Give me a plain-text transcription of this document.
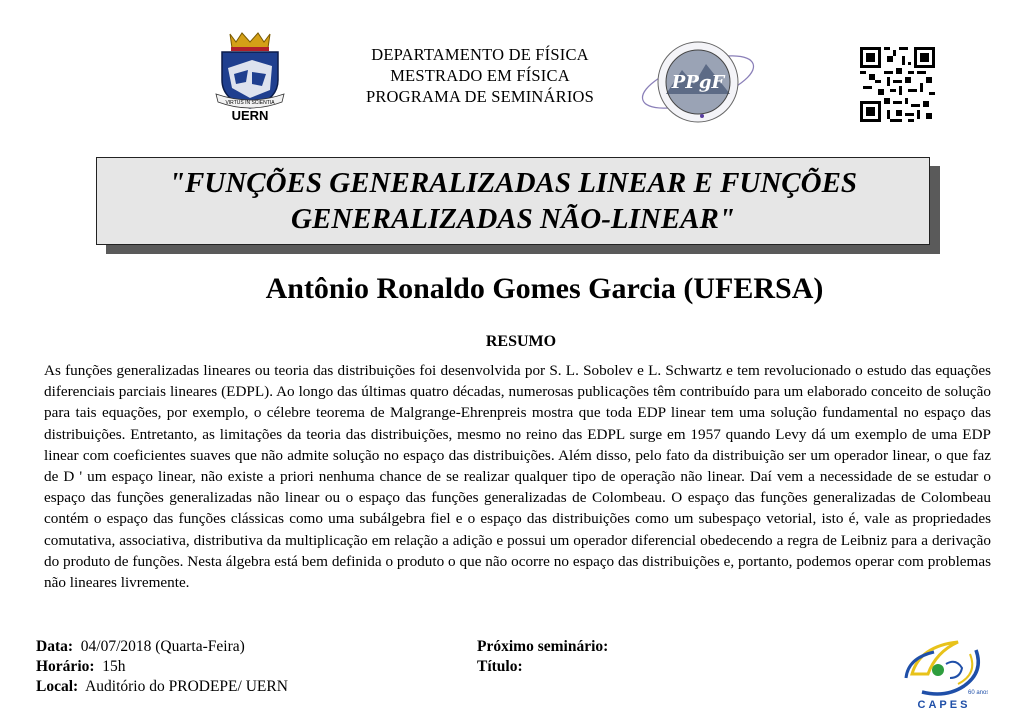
VIRTUS IN SCIENTIA
UERN
DEPARTAMENTO DE FÍSICA
MESTRADO EM FÍSICA
PROGRAMA DE SEMINÁRIOS
PPgF
"FUNÇÕES GENERALIZADAS LINEAR E FUNÇÕES GENERALIZADAS NÃO-LINEAR"
Antônio Ronaldo Gomes Garcia (UFERSA)
RESUMO
As funções generalizadas lineares ou teoria das distribuições foi desenvolvida por S. L. Sobolev e L. Schwartz e tem revolucionado o estudo das equações diferenciais parciais lineares (EDPL). Ao longo das últimas quatro décadas, numerosas publicações têm contribuído para um elaborado conceito de solução para tais equações, por exemplo, o célebre teorema de Malgrange-Ehrenpreis mostra que toda EDP linear tem uma solução fundamental no espaço das distribuições. Entretanto, as limitações da teoria das distribuições, mesmo no reino das EDPL surge em 1957 quando Levy dá um exemplo de uma EDP linear com coeficientes suaves que não admite solução no espaço das distribuições. Além disso, pelo fato da distribuição ser um operador linear, o que faz de D ' um espaço linear, não existe a priori nenhuma chance de se realizar qualquer tipo de operação não linear. Daí vem a necessidade de se estudar o espaço das funções generalizadas não linear ou o espaço das funções generalizadas de Colombeau. O espaço das funções generalizadas de Colombeau contém o espaço das funções clássicas como uma subálgebra fiel e o espaço das distribuições como um subespaço vetorial, isto é, vale as propriedades comutativa, associativa, distributiva da multiplicação em relação a adição e possui um operador diferencial obedecendo a regra de Leibniz para a derivação do produto de funções. Nesta álgebra está bem definida o produto o que não ocorre no espaço das distribuições e, portanto, podemos operar com problemas não lineares livremente.
Data: 04/07/2018 (Quarta-Feira)
Horário: 15h
Local: Auditório do PRODEPE/ UERN
Próximo seminário:
Título:
60 anos
CAPES
